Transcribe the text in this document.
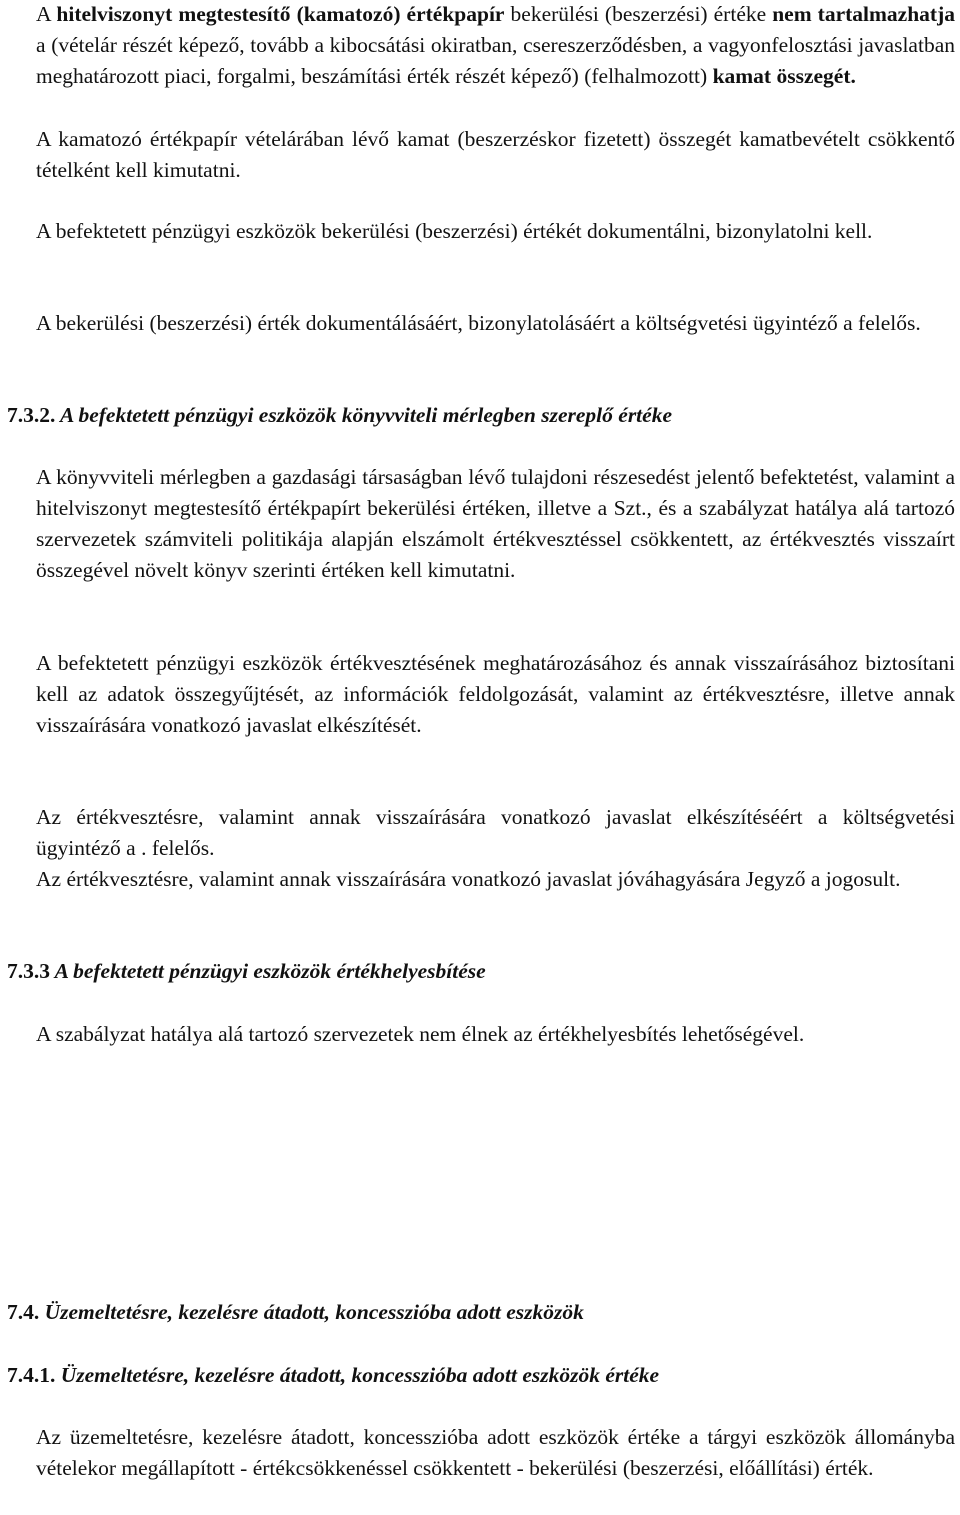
A hitelviszonyt megtestesítő (kamatozó) értékpapír bekerülési (beszerzési) értéke nem tartalmazhatja a (vételár részét képező, tovább a kibocsátási okiratban, csereszerződésben, a vagyonfelosztási javaslatban meghatározott piaci, forgalmi, beszámítási érték részét képező) (felhalmozott) kamat összegét.

A kamatozó értékpapír vételárában lévő kamat (beszerzéskor fizetett) összegét kamatbevételt csökkentő tételként kell kimutatni.

A befektetett pénzügyi eszközök bekerülési (beszerzési) értékét dokumentálni, bizonylatolni kell.

A bekerülési (beszerzési) érték dokumentálásáért, bizonylatolásáért a költségvetési ügyintéző a felelős.

7.3.2. A befektetett pénzügyi eszközök könyvviteli mérlegben szereplő értéke

A könyvviteli mérlegben a gazdasági társaságban lévő tulajdoni részesedést jelentő befektetést, valamint a hitelviszonyt megtestesítő értékpapírt bekerülési értéken, illetve a Szt., és a szabályzat hatálya alá tartozó szervezetek számviteli politikája alapján elszámolt értékvesztéssel csökkentett, az értékvesztés visszaírt összegével növelt könyv szerinti értéken kell kimutatni.

A befektetett pénzügyi eszközök értékvesztésének meghatározásához és annak visszaírásához biztosítani kell az adatok összegyűjtését, az információk feldolgozását, valamint az értékvesztésre, illetve annak visszaírására vonatkozó javaslat elkészítését.

Az értékvesztésre, valamint annak visszaírására vonatkozó javaslat elkészítéséért a költségvetési ügyintéző a . felelős.

Az értékvesztésre, valamint annak visszaírására vonatkozó javaslat jóváhagyására Jegyző a jogosult.

7.3.3 A befektetett pénzügyi eszközök értékhelyesbítése

A szabályzat hatálya alá tartozó szervezetek nem élnek az értékhelyesbítés lehetőségével.

7.4. Üzemeltetésre, kezelésre átadott, koncesszióba adott eszközök
7.4.1. Üzemeltetésre, kezelésre átadott, koncesszióba adott eszközök értéke

Az üzemeltetésre, kezelésre átadott, koncesszióba adott eszközök értéke a tárgyi eszközök állományba vételekor megállapított - értékcsökkenéssel csökkentett - bekerülési (beszerzési, előállítási) érték.
